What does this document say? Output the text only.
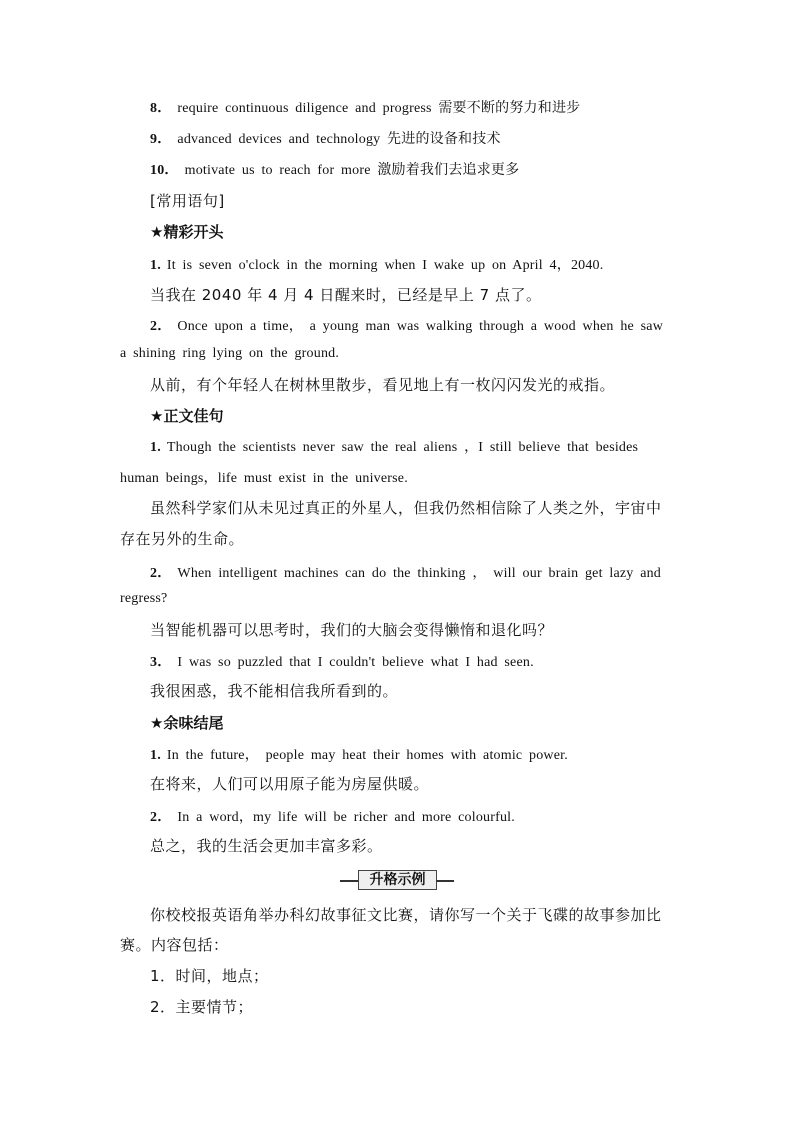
8． require continuous diligence and progress 需要不断的努力和进步
9． advanced devices and technology 先进的设备和技术
10． motivate us to reach for more 激励着我们去追求更多
[常用语句]
★精彩开头
1. It is seven o'clock in the morning when I wake up on April 4，2040.
当我在 2040 年 4 月 4 日醒来时，已经是早上 7 点了。
2． Once upon a time， a young man was walking through a wood when he saw
a shining ring lying on the ground.
从前，有个年轻人在树林里散步，看见地上有一枚闪闪发光的戒指。
★正文佳句
1. Though the scientists never saw the real aliens ，I still believe that besides
human beings，life must exist in the universe.
虽然科学家们从未见过真正的外星人，但我仍然相信除了人类之外，宇宙中
存在另外的生命。
2． When intelligent machines can do the thinking ， will our brain get lazy and
regress?
当智能机器可以思考时，我们的大脑会变得懒惰和退化吗？
3． I was so puzzled that I couldn't believe what I had seen.
我很困惑，我不能相信我所看到的。
★余味结尾
1. In the future， people may heat their homes with atomic power.
在将来，人们可以用原子能为房屋供暖。
2． In a word，my life will be richer and more colourful.
总之，我的生活会更加丰富多彩。
升格示例
你校校报英语角举办科幻故事征文比赛，请你写一个关于飞碟的故事参加比
赛。内容包括：
1．时间，地点；
2．主要情节；
